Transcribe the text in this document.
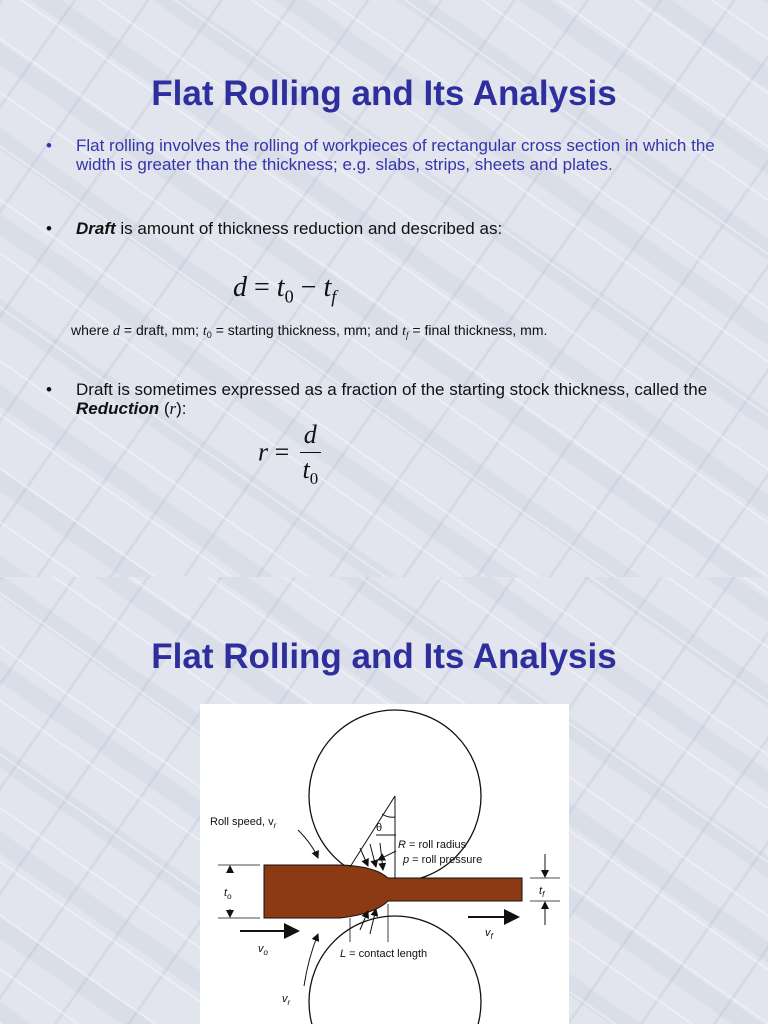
Flat Rolling and Its Analysis
• Flat rolling involves the rolling of workpieces of rectangular cross section in which the width is greater than the thickness; e.g. slabs, strips, sheets and plates.
• Draft is amount of thickness reduction and described as:
$d = t_0 - t_f$
where d = draft, mm; $t_0$ = starting thickness, mm; and $t_f$ = final thickness, mm.
• Draft is sometimes expressed as a fraction of the starting stock thickness, called the Reduction (r):
$r = \frac{d}{t_0}$
Flat Rolling and Its Analysis
θ
R = roll radius
p = roll pressure
Roll speed, $v_r$
$t_o$	$t_f$
$v_o$
$v_f$
L = contact length
$v_r$
